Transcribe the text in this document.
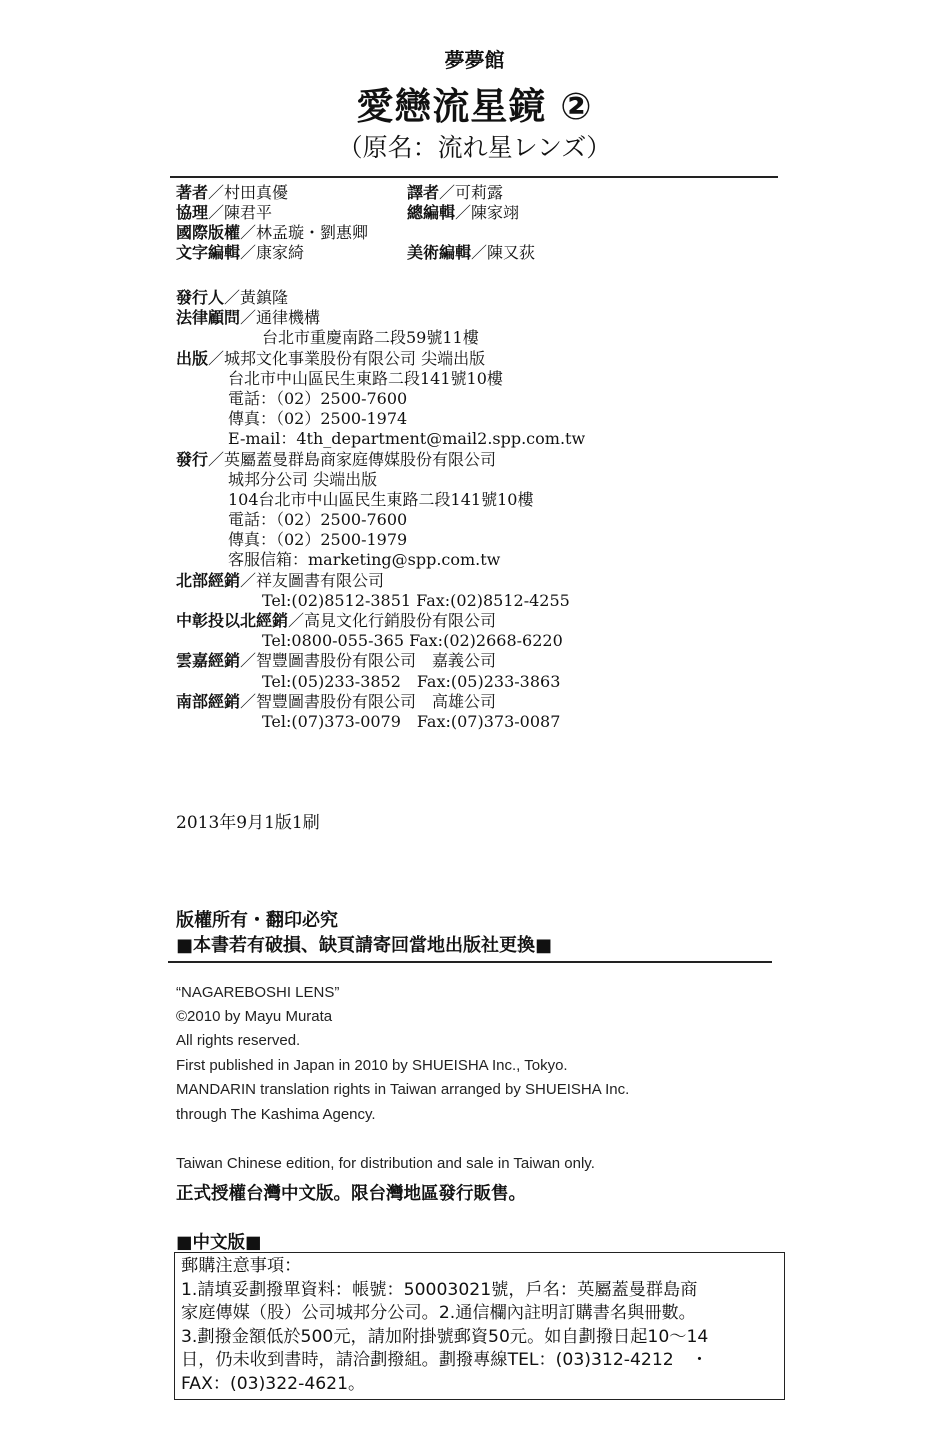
夢夢館
愛戀流星鏡 ②
（原名：流れ星レンズ）
著者／村田真優
協理／陳君平
國際版權／林孟璇・劉惠卿
文字編輯／康家綺
譯者／可莉露
總編輯／陳家翊
美術編輯／陳又荻
發行人／黃鎮隆
法律顧問／通律機構
台北市重慶南路二段59號11樓
出版／城邦文化事業股份有限公司 尖端出版
台北市中山區民生東路二段141號10樓
電話：（02）2500-7600
傳真：（02）2500-1974
E-mail：4th_department@mail2.spp.com.tw
發行／英屬蓋曼群島商家庭傳媒股份有限公司
城邦分公司 尖端出版
104台北市中山區民生東路二段141號10樓
電話：（02）2500-7600
傳真：（02）2500-1979
客服信箱：marketing@spp.com.tw
北部經銷／祥友圖書有限公司
Tel:(02)8512-3851 Fax:(02)8512-4255
中彰投以北經銷／高見文化行銷股份有限公司
Tel:0800-055-365 Fax:(02)2668-6220
雲嘉經銷／智豐圖書股份有限公司　嘉義公司
Tel:(05)233-3852　Fax:(05)233-3863
南部經銷／智豐圖書股份有限公司　高雄公司
Tel:(07)373-0079　Fax:(07)373-0087
2013年9月1版1刷
版權所有・翻印必究
■本書若有破損、缺頁請寄回當地出版社更換■
“NAGAREBOSHI LENS”
©2010 by Mayu Murata
All rights reserved.
First published in Japan in 2010 by SHUEISHA Inc., Tokyo.
MANDARIN translation rights in Taiwan arranged by SHUEISHA Inc.
through The Kashima Agency.
Taiwan Chinese edition, for distribution and sale in Taiwan only.
正式授權台灣中文版。限台灣地區發行販售。
■中文版■
郵購注意事項：
1.請填妥劃撥單資料：帳號：50003021號，戶名：英屬蓋曼群島商
家庭傳媒（股）公司城邦分公司。2.通信欄內註明訂購書名與冊數。
3.劃撥金額低於500元，請加附掛號郵資50元。如自劃撥日起10～14
日，仍未收到書時，請洽劃撥組。劃撥專線TEL：(03)312-4212　・
FAX：(03)322-4621。
